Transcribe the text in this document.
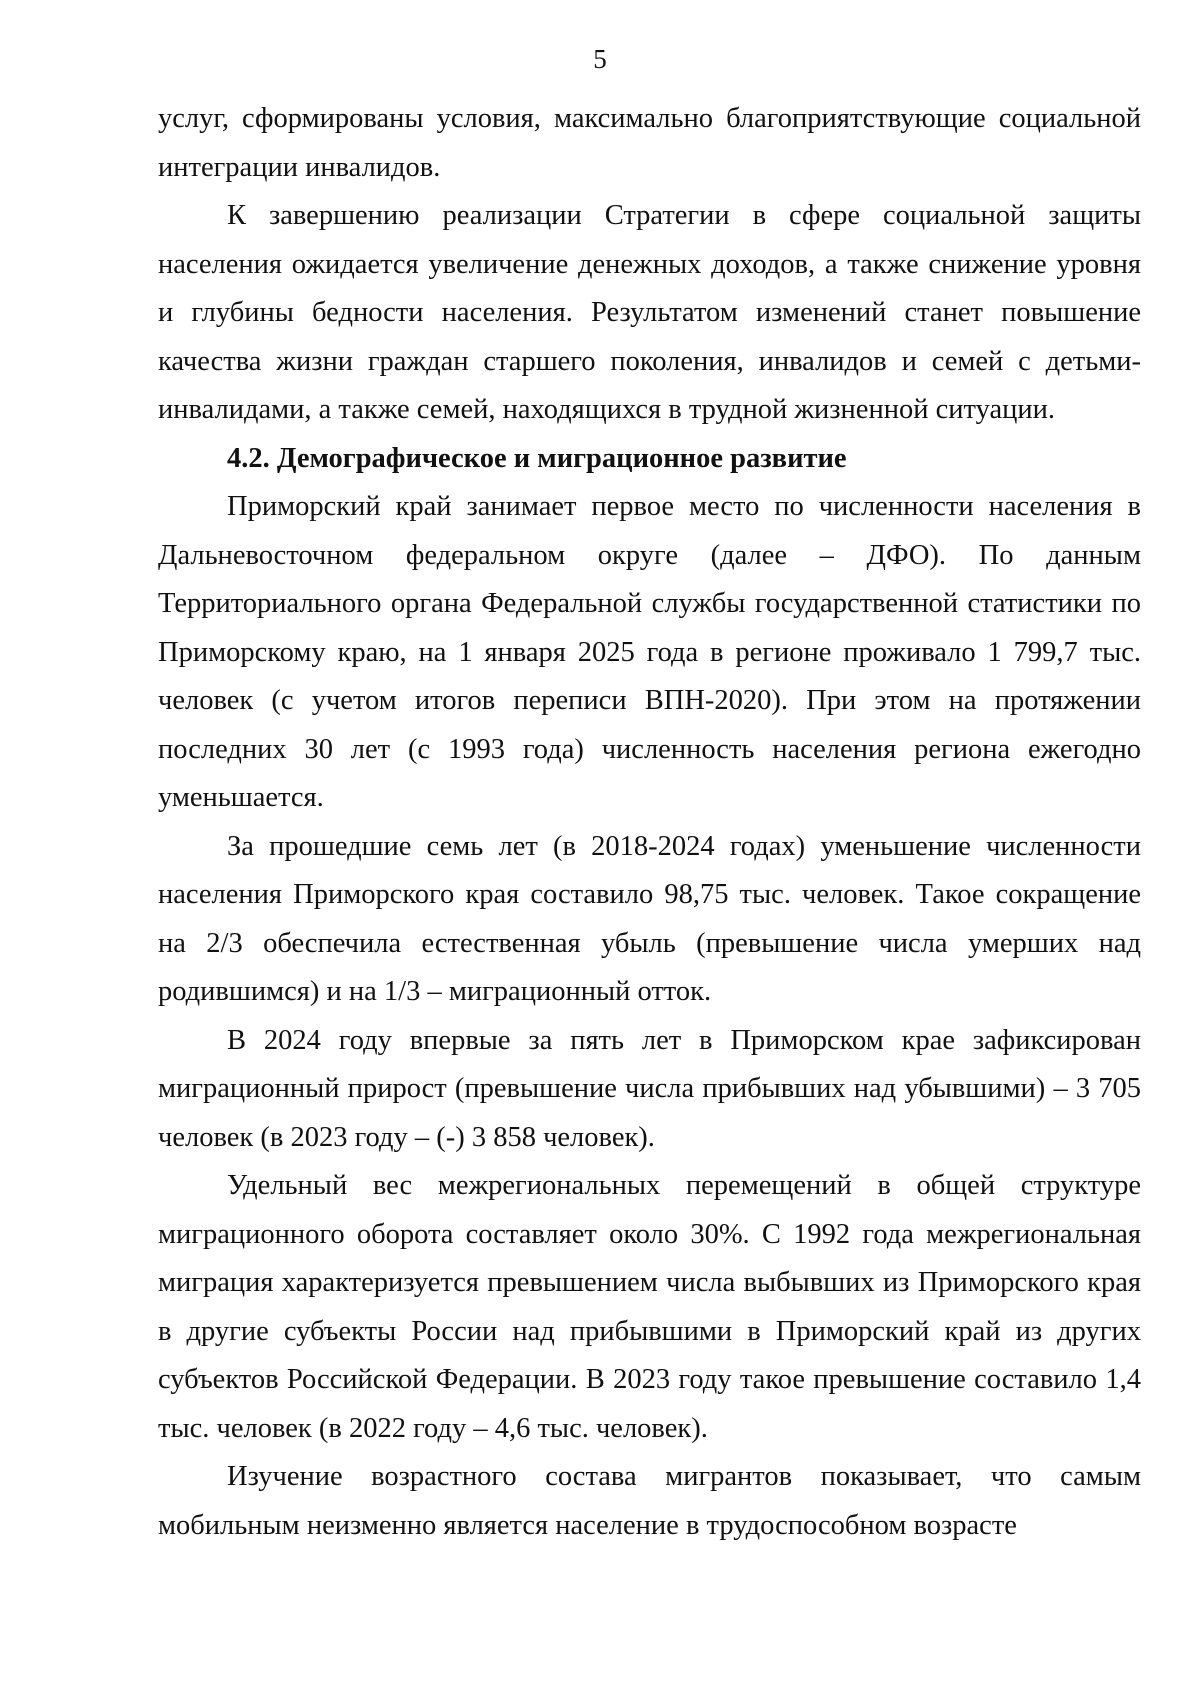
5

услуг, сформированы условия, максимально благоприятствующие социальной интеграции инвалидов.

К завершению реализации Стратегии в сфере социальной защиты населения ожидается увеличение денежных доходов, а также снижение уровня и глубины бедности населения. Результатом изменений станет повышение качества жизни граждан старшего поколения, инвалидов и семей с детьми-инвалидами, а также семей, находящихся в трудной жизненной ситуации.

4.2. Демографическое и миграционное развитие

Приморский край занимает первое место по численности населения в Дальневосточном федеральном округе (далее – ДФО). По данным Территориального органа Федеральной службы государственной статистики по Приморскому краю, на 1 января 2025 года в регионе проживало 1 799,7 тыс. человек (с учетом итогов переписи ВПН-2020). При этом на протяжении последних 30 лет (с 1993 года) численность населения региона ежегодно уменьшается.

За прошедшие семь лет (в 2018-2024 годах) уменьшение численности населения Приморского края составило 98,75 тыс. человек. Такое сокращение на 2/3 обеспечила естественная убыль (превышение числа умерших над родившимся) и на 1/3 – миграционный отток.

В 2024 году впервые за пять лет в Приморском крае зафиксирован миграционный прирост (превышение числа прибывших над убывшими) – 3 705 человек (в 2023 году – (-) 3 858 человек).

Удельный вес межрегиональных перемещений в общей структуре миграционного оборота составляет около 30%. С 1992 года межрегиональная миграция характеризуется превышением числа выбывших из Приморского края в другие субъекты России над прибывшими в Приморский край из других субъектов Российской Федерации. В 2023 году такое превышение составило 1,4 тыс. человек (в 2022 году – 4,6 тыс. человек).

Изучение возрастного состава мигрантов показывает, что самым мобильным неизменно является население в трудоспособном возрасте
